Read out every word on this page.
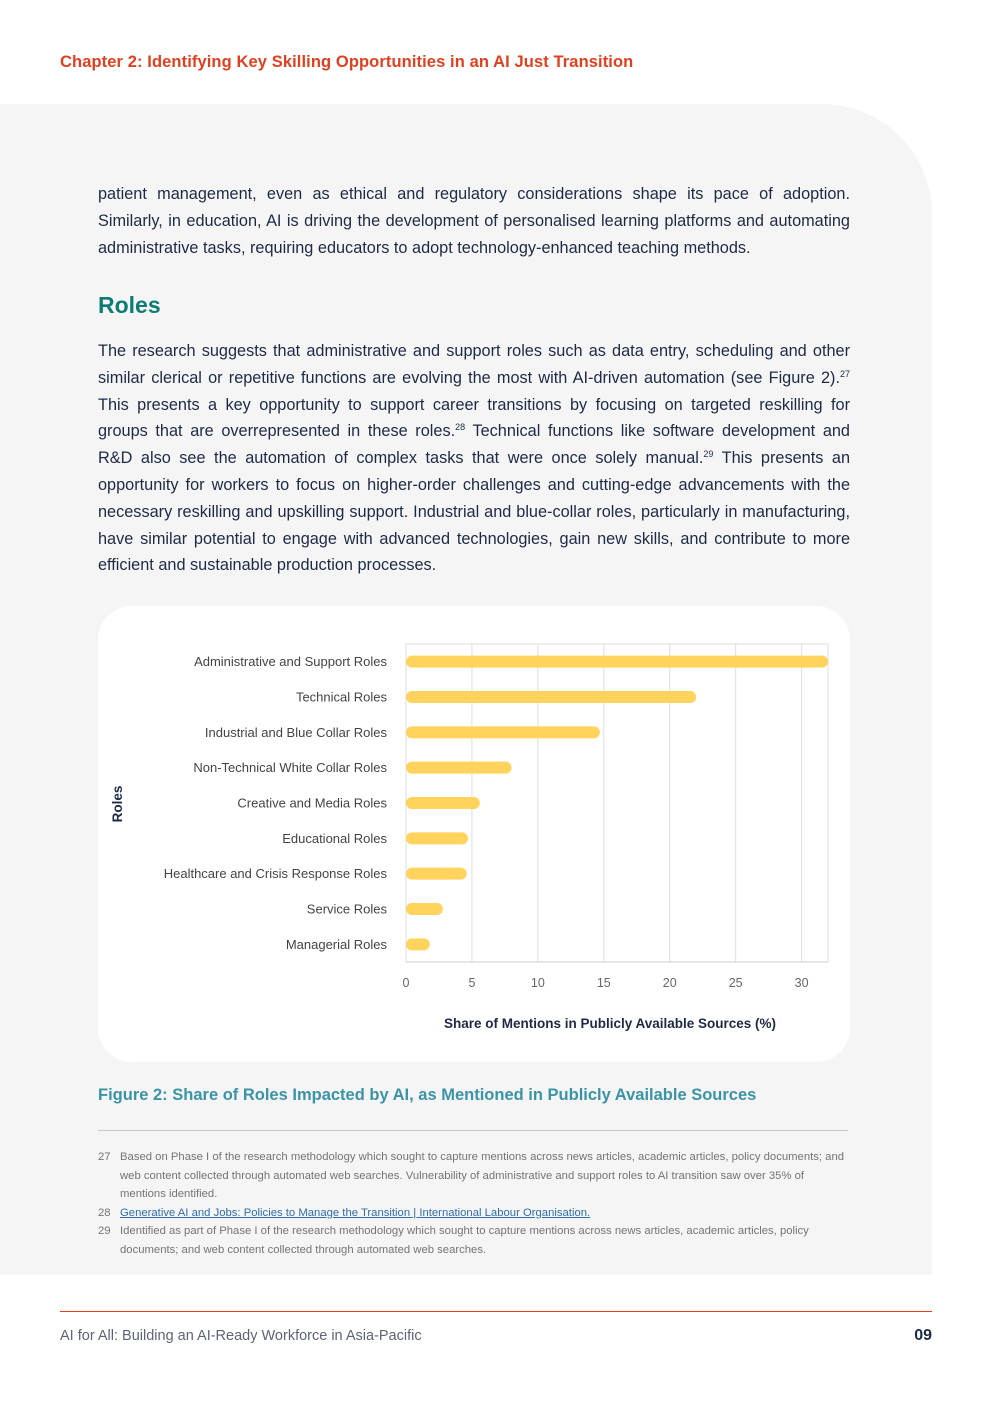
Chapter 2: Identifying Key Skilling Opportunities in an AI Just Transition

patient management, even as ethical and regulatory considerations shape its pace of adoption. Similarly, in education, AI is driving the development of personalised learning platforms and automating administrative tasks, requiring educators to adopt technology-enhanced teaching methods.

Roles

The research suggests that administrative and support roles such as data entry, scheduling and other similar clerical or repetitive functions are evolving the most with AI-driven automation (see Figure 2).$^{27}$ This presents a key opportunity to support career transitions by focusing on targeted reskilling for groups that are overrepresented in these roles.$^{28}$ Technical functions like software development and R&D also see the automation of complex tasks that were once solely manual.$^{29}$ This presents an opportunity for workers to focus on higher-order challenges and cutting-edge advancements with the necessary reskilling and upskilling support. Industrial and blue-collar roles, particularly in manufacturing, have similar potential to engage with advanced technologies, gain new skills, and contribute to more efficient and sustainable production processes.

Administrative and Support Roles
Technical Roles
Industrial and Blue Collar Roles
Non-Technical White Collar Roles
Creative and Media Roles
Educational Roles
Healthcare and Crisis Response Roles
Service Roles
Managerial Roles
0	5	10	15	20	25	30
Share of Mentions in Publicly Available Sources (%)
Roles
Figure 2: Share of Roles Impacted by AI, as Mentioned in Publicly Available Sources
27 Based on Phase I of the research methodology which sought to capture mentions across news articles, academic articles, policy documents; and web content collected through automated web searches. Vulnerability of administrative and support roles to AI transition saw over 35% of mentions identified.
28 Generative AI and Jobs: Policies to Manage the Transition | International Labour Organisation.
29 Identified as part of Phase I of the research methodology which sought to capture mentions across news articles, academic articles, policy documents; and web content collected through automated web searches.
AI for All: Building an AI-Ready Workforce in Asia-Pacific	09
